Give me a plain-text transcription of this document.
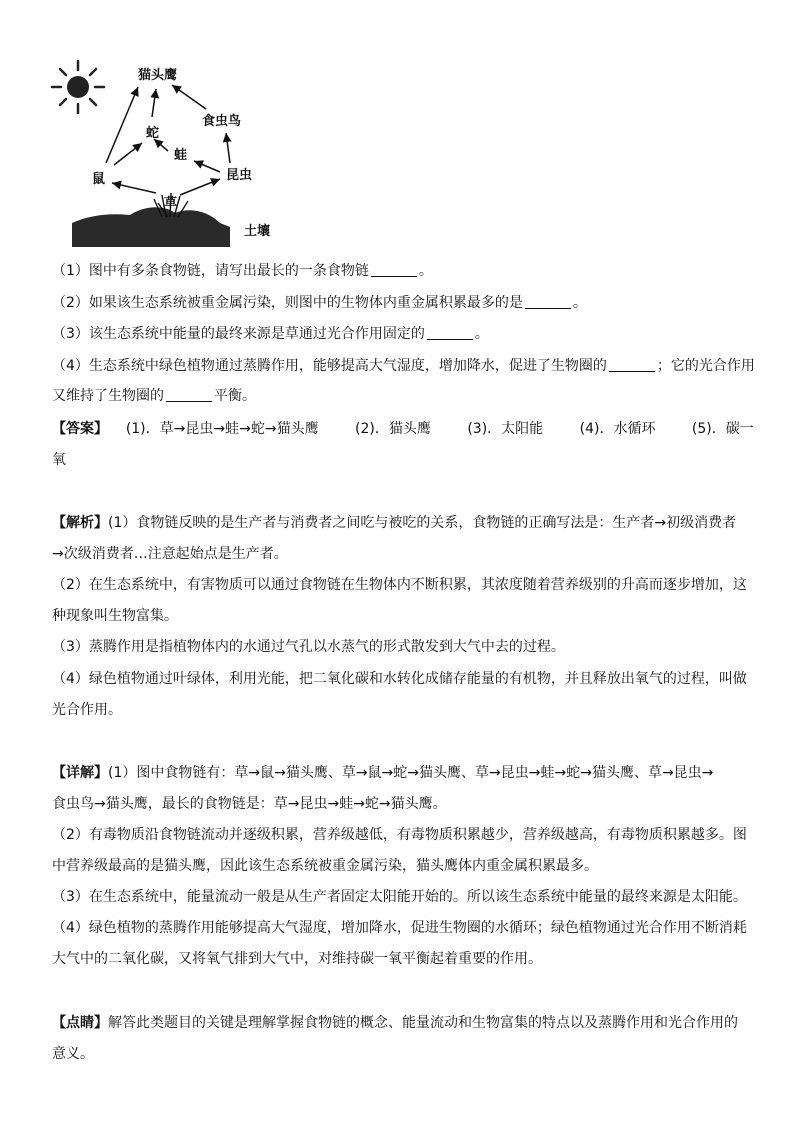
猫头鹰
食虫鸟
蛇
蛙
鼠	昆虫
草
土壤
（1）图中有多条食物链，请写出最长的一条食物链	。
（2）如果该生态系统被重金属污染，则图中的生物体内重金属积累最多的是	。
（3）该生态系统中能量的最终来源是草通过光合作用固定的	。
（4）生态系统中绿色植物通过蒸腾作用，能够提高大气湿度，增加降水，促进了生物圈的	；它的光合作用
又维持了生物圈的	平衡。
【答案】 (1)．草→昆虫→蛙→蛇→猫头鹰	(2)．猫头鹰	(3)．太阳能	(4)．水循环	(5)．碳一
氧
【解析】(1）食物链反映的是生产者与消费者之间吃与被吃的关系，食物链的正确写法是：生产者→初级消费者
→次级消费者…注意起始点是生产者。
（2）在生态系统中，有害物质可以通过食物链在生物体内不断积累，其浓度随着营养级别的升高而逐步增加，这
种现象叫生物富集。
（3）蒸腾作用是指植物体内的水通过气孔以水蒸气的形式散发到大气中去的过程。
（4）绿色植物通过叶绿体，利用光能，把二氧化碳和水转化成储存能量的有机物，并且释放出氧气的过程，叫做
光合作用。
【详解】(1）图中食物链有：草→鼠→猫头鹰、草→鼠→蛇→猫头鹰、草→昆虫→蛙→蛇→猫头鹰、草→昆虫→
食虫鸟→猫头鹰，最长的食物链是：草→昆虫→蛙→蛇→猫头鹰。
（2）有毒物质沿食物链流动并逐级积累，营养级越低，有毒物质积累越少，营养级越高，有毒物质积累越多。图
中营养级最高的是猫头鹰，因此该生态系统被重金属污染，猫头鹰体内重金属积累最多。
（3）在生态系统中，能量流动一般是从生产者固定太阳能开始的。所以该生态系统中能量的最终来源是太阳能。
（4）绿色植物的蒸腾作用能够提高大气湿度，增加降水，促进生物圈的水循环；绿色植物通过光合作用不断消耗
大气中的二氧化碳，又将氧气排到大气中，对维持碳一氧平衡起着重要的作用。
【点睛】解答此类题目的关键是理解掌握食物链的概念、能量流动和生物富集的特点以及蒸腾作用和光合作用的
意义。
